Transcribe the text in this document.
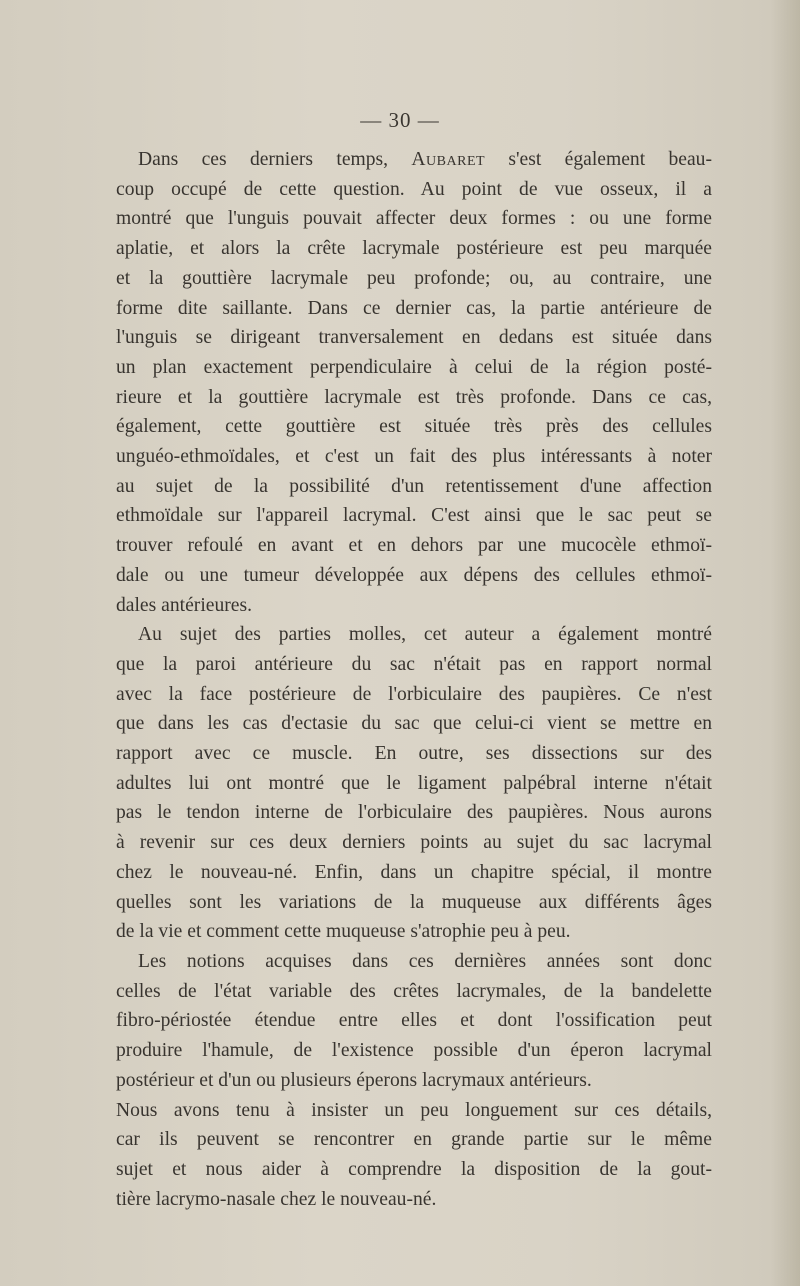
— 30 —
Dans ces derniers temps, Aubaret s'est également beau-
coup occupé de cette question. Au point de vue osseux, il a
montré que l'unguis pouvait affecter deux formes : ou une forme
aplatie, et alors la crête lacrymale postérieure est peu marquée
et la gouttière lacrymale peu profonde; ou, au contraire, une
forme dite saillante. Dans ce dernier cas, la partie antérieure de
l'unguis se dirigeant tranversalement en dedans est située dans
un plan exactement perpendiculaire à celui de la région posté-
rieure et la gouttière lacrymale est très profonde. Dans ce cas,
également, cette gouttière est située très près des cellules
unguéo-ethmoïdales, et c'est un fait des plus intéressants à noter
au sujet de la possibilité d'un retentissement d'une affection
ethmoïdale sur l'appareil lacrymal. C'est ainsi que le sac peut se
trouver refoulé en avant et en dehors par une mucocèle ethmoï-
dale ou une tumeur développée aux dépens des cellules ethmoï-
dales antérieures.
Au sujet des parties molles, cet auteur a également montré
que la paroi antérieure du sac n'était pas en rapport normal
avec la face postérieure de l'orbiculaire des paupières. Ce n'est
que dans les cas d'ectasie du sac que celui-ci vient se mettre en
rapport avec ce muscle. En outre, ses dissections sur des
adultes lui ont montré que le ligament palpébral interne n'était
pas le tendon interne de l'orbiculaire des paupières. Nous aurons
à revenir sur ces deux derniers points au sujet du sac lacrymal
chez le nouveau-né. Enfin, dans un chapitre spécial, il montre
quelles sont les variations de la muqueuse aux différents âges
de la vie et comment cette muqueuse s'atrophie peu à peu.
Les notions acquises dans ces dernières années sont donc
celles de l'état variable des crêtes lacrymales, de la bandelette
fibro-périostée étendue entre elles et dont l'ossification peut
produire l'hamule, de l'existence possible d'un éperon lacrymal
postérieur et d'un ou plusieurs éperons lacrymaux antérieurs.
Nous avons tenu à insister un peu longuement sur ces détails,
car ils peuvent se rencontrer en grande partie sur le même
sujet et nous aider à comprendre la disposition de la gout-
tière lacrymo-nasale chez le nouveau-né.
